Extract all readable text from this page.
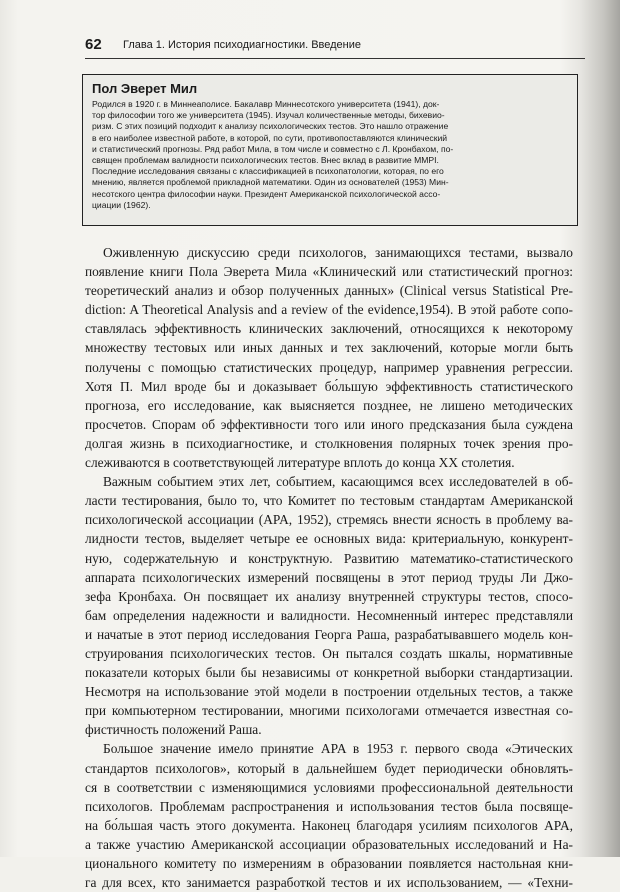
62 Глава 1. История психодиагностики. Введение
Пол Эверет Мил
Родился в 1920 г. в Миннеаполисе. Бакалавр Миннесотского университета (1941), док-
тор философии того же университета (1945). Изучал количественные методы, бихевио-
ризм. С этих позиций подходит к анализу психологических тестов. Это нашло отражение
в его наиболее известной работе, в которой, по сути, противопоставляются клинический
и статистический прогнозы. Ряд работ Мила, в том числе и совместно с Л. Кронбахом, по-
священ проблемам валидности психологических тестов. Внес вклад в развитие MMPI.
Последние исследования связаны с классификацией в психопатологии, которая, по его
мнению, является проблемой прикладной математики. Один из основателей (1953) Мин-
несотского центра философии науки. Президент Американской психологической ассо-
циации (1962).
Оживленную дискуссию среди психологов, занимающихся тестами, вызвало
появление книги Пола Эверета Мила «Клинический или статистический прогноз:
теоретический анализ и обзор полученных данных» (Clinical versus Statistical Pre-
diction: A Theoretical Analysis and a review of the evidence,1954). В этой работе сопо-
ставлялась эффективность клинических заключений, относящихся к некоторому
множеству тестовых или иных данных и тех заключений, которые могли быть
получены с помощью статистических процедур, например уравнения регрессии.
Хотя П. Мил вроде бы и доказывает бо́льшую эффективность статистического
прогноза, его исследование, как выясняется позднее, не лишено методических
просчетов. Спорам об эффективности того или иного предсказания была суждена
долгая жизнь в психодиагностике, и столкновения полярных точек зрения про-
слеживаются в соответствующей литературе вплоть до конца XX столетия.
Важным событием этих лет, событием, касающимся всех исследователей в об-
ласти тестирования, было то, что Комитет по тестовым стандартам Американской
психологической ассоциации (APA, 1952), стремясь внести ясность в проблему ва-
лидности тестов, выделяет четыре ее основных вида: критериальную, конкурент-
ную, содержательную и конструктную. Развитию математико-статистического
аппарата психологических измерений посвящены в этот период труды Ли Джо-
зефа Кронбаха. Он посвящает их анализу внутренней структуры тестов, спосо-
бам определения надежности и валидности. Несомненный интерес представляли
и начатые в этот период исследования Георга Раша, разрабатывавшего модель кон-
струирования психологических тестов. Он пытался создать шкалы, нормативные
показатели которых были бы независимы от конкретной выборки стандартизации.
Несмотря на использование этой модели в построении отдельных тестов, а также
при компьютерном тестировании, многими психологами отмечается известная со-
фистичность положений Раша.
Большое значение имело принятие APA в 1953 г. первого свода «Этических
стандартов психологов», который в дальнейшем будет периодически обновлять-
ся в соответствии с изменяющимися условиями профессиональной деятельности
психологов. Проблемам распространения и использования тестов была посвяще-
на бо́льшая часть этого документа. Наконец благодаря усилиям психологов APA,
а также участию Американской ассоциации образовательных исследований и На-
ционального комитету по измерениям в образовании появляется настольная кни-
га для всех, кто занимается разработкой тестов и их использованием, — «Техни-
